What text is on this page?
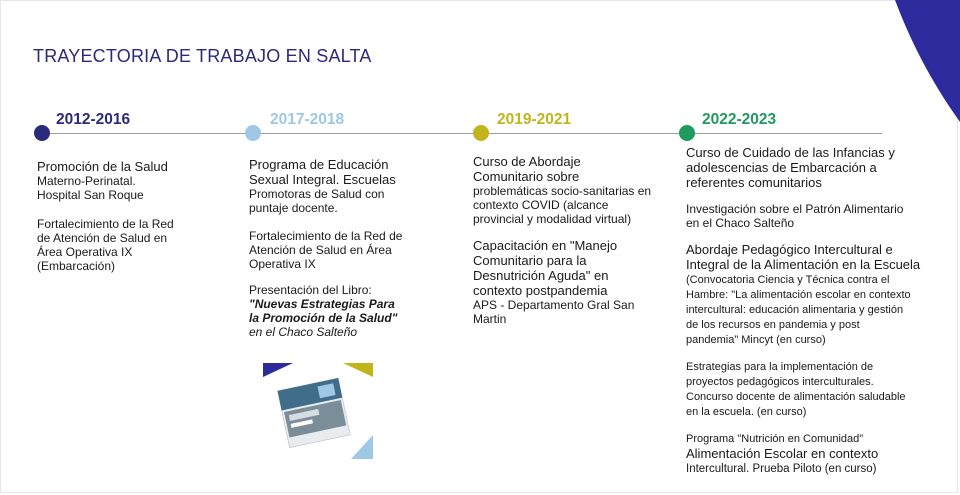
TRAYECTORIA DE TRABAJO EN SALTA
2012-2016	2017-2018	2019-2021	2022-2023

Promoción de la Salud
Materno-Perinatal.
Hospital San Roque

Fortalecimiento de la Red
de Atención de Salud en
Área Operativa IX
(Embarcación)

Programa de Educación
Sexual Integral. Escuelas
Promotoras de Salud con
puntaje docente.

Fortalecimiento de la Red de
Atención de Salud en Área
Operativa IX

Presentación del Libro:
"Nuevas Estrategias Para
la Promoción de la Salud"
en el Chaco Salteño

Curso de Abordaje
Comunitario sobre
problemáticas socio-sanitarias en
contexto COVID (alcance
provincial y modalidad virtual)

Capacitación en "Manejo
Comunitario para la
Desnutrición Aguda" en
contexto postpandemia
APS - Departamento Gral San
Martin

Curso de Cuidado de las Infancias y
adolescencias de Embarcación a
referentes comunitarios

Investigación sobre el Patrón Alimentario
en el Chaco Salteño

Abordaje Pedagógico Intercultural e
Integral de la Alimentación en la Escuela
(Convocatoria Ciencia y Técnica contra el
Hambre: "La alimentación escolar en contexto
intercultural: educación alimentaria y gestión
de los recursos en pandemia y post
pandemia" Mincyt (en curso)

Estrategias para la implementación de
proyectos pedagógicos interculturales.
Concurso docente de alimentación saludable
en la escuela. (en curso)

Programa "Nutrición en Comunidad"
Alimentación Escolar en contexto
Intercultural. Prueba Piloto (en curso)
